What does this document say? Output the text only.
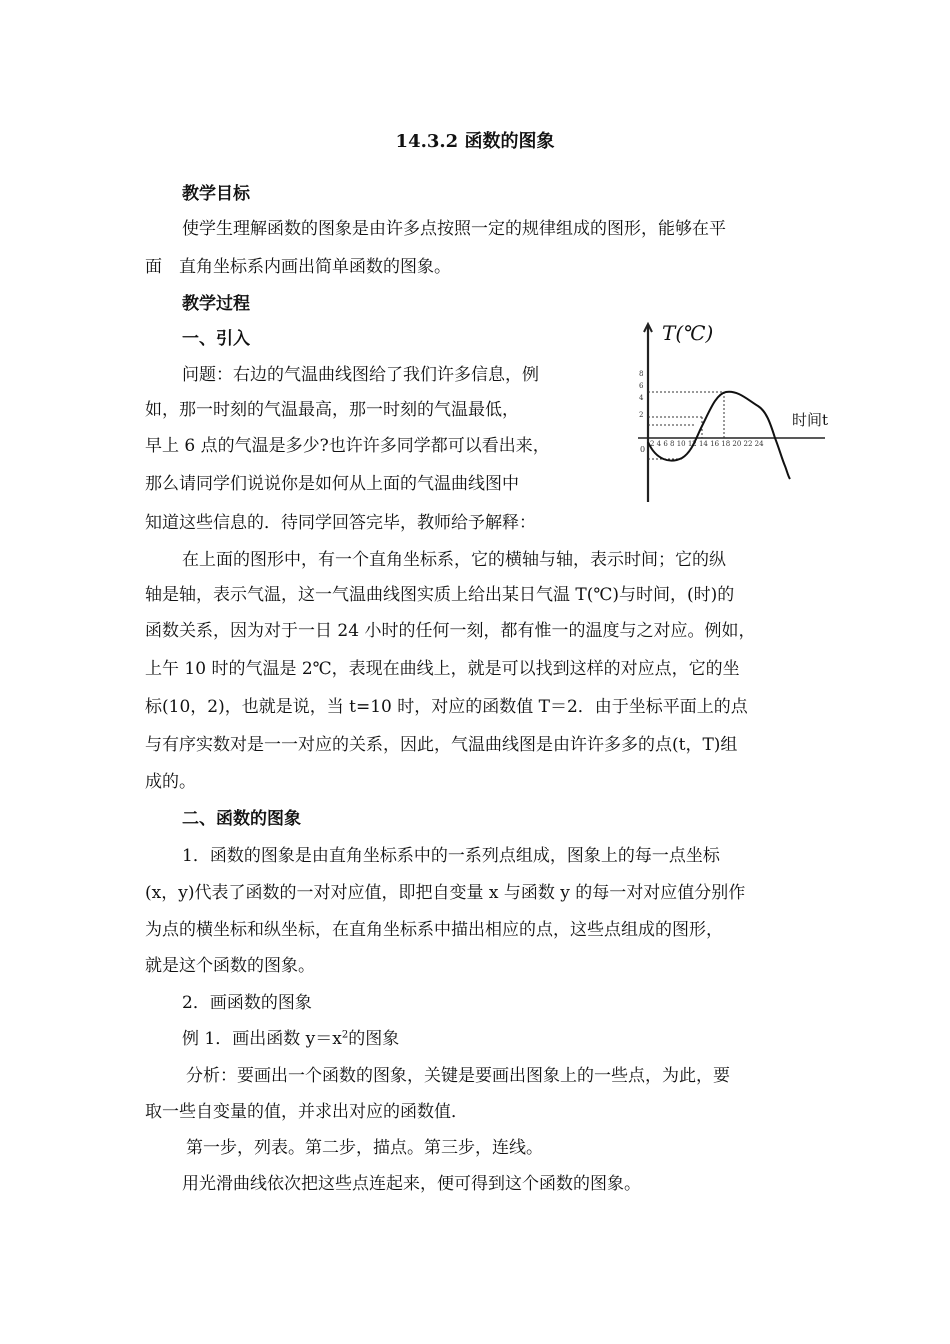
14.3.2 函数的图象
教学目标
使学生理解函数的图象是由许多点按照一定的规律组成的图形，能够在平
面　直角坐标系内画出简单函数的图象。
教学过程
一、引入
问题：右边的气温曲线图给了我们许多信息，例
如，那一时刻的气温最高，那一时刻的气温最低，
早上 6 点的气温是多少?也许许多同学都可以看出来，
那么请同学们说说你是如何从上面的气温曲线图中
知道这些信息的．待同学回答完毕，教师给予解释：
在上面的图形中，有一个直角坐标系，它的横轴与轴，表示时间；它的纵
轴是轴，表示气温，这一气温曲线图实质上给出某日气温 T(℃)与时间，(时)的
函数关系，因为对于一日 24 小时的任何一刻，都有惟一的温度与之对应。例如，
上午 10 时的气温是 2℃，表现在曲线上，就是可以找到这样的对应点，它的坐
标(10，2)，也就是说，当 t=10 时，对应的函数值 T＝2．由于坐标平面上的点
与有序实数对是一一对应的关系，因此，气温曲线图是由许许多多的点(t，T)组
成的。
二、函数的图象
1．函数的图象是由直角坐标系中的一系列点组成，图象上的每一点坐标
(x，y)代表了函数的一对对应值，即把自变量 x 与函数 y 的每一对对应值分别作
为点的横坐标和纵坐标，在直角坐标系中描出相应的点，这些点组成的图形，
就是这个函数的图象。
2．画函数的图象
例 1．画出函数 $y=x^2$的图象
分析：要画出一个函数的图象，关键是要画出图象上的一些点，为此，要
取一些自变量的值，并求出对应的函数值．
第一步，列表。第二步，描点。第三步，连线。
用光滑曲线依次把这些点连起来，便可得到这个函数的图象。
T(℃)
时间t
8
6
4
2
0
2 4 6 8 10 12 14 16 18 20 22 24
